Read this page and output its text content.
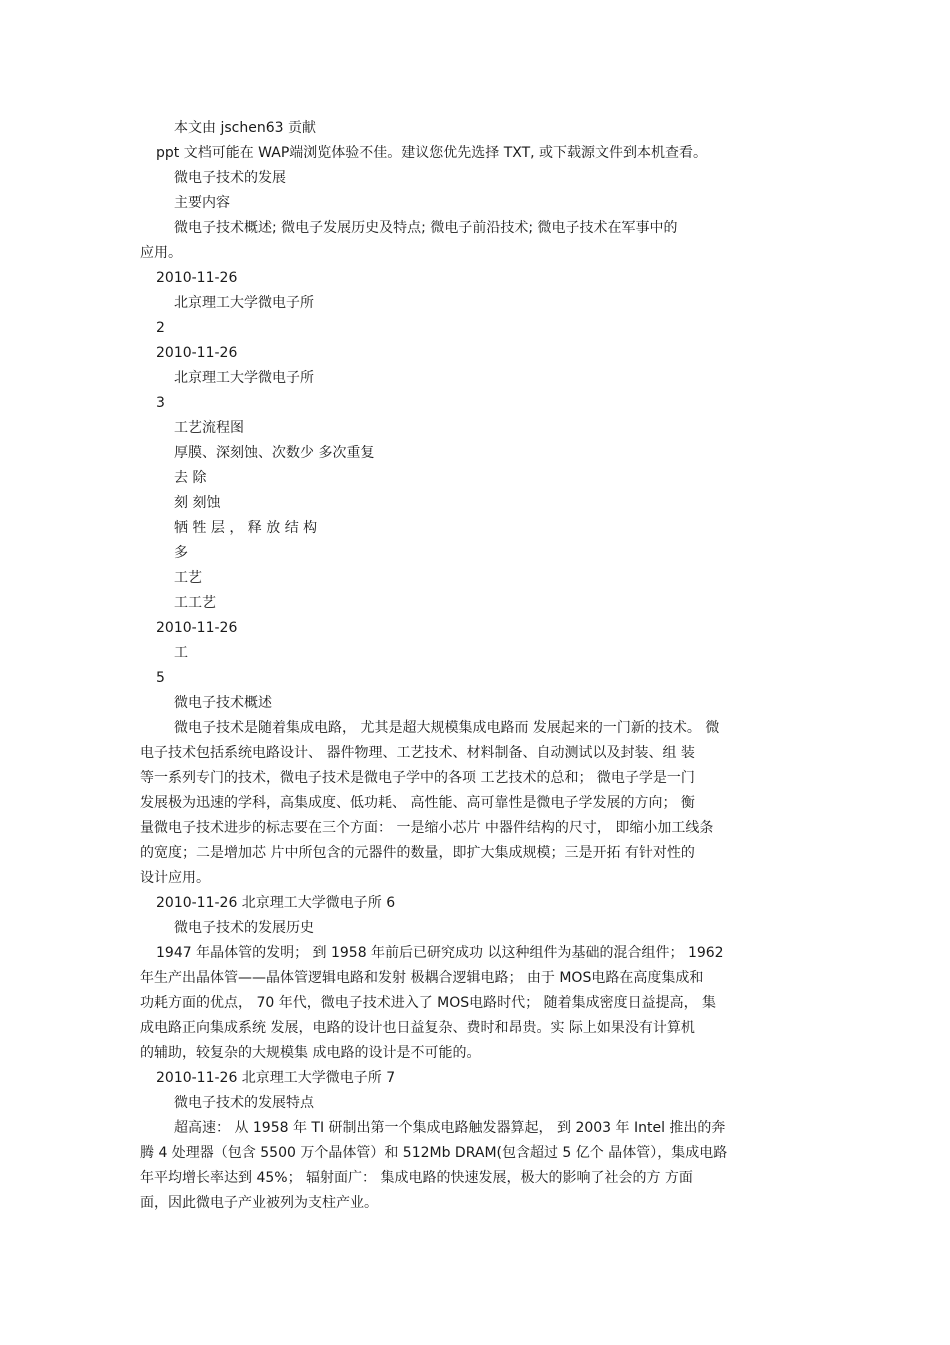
本文由 jschen63 贡献
ppt 文档可能在 WAP端浏览体验不佳。建议您优先选择 TXT, 或下载源文件到本机查看。
微电子技术的发展
主要内容
微电子技术概述; 微电子发展历史及特点; 微电子前沿技术; 微电子技术在军事中的
应用。
2010-11-26
北京理工大学微电子所
2
2010-11-26
北京理工大学微电子所
3
工艺流程图
厚膜、深刻蚀、次数少 多次重复
去 除
刻 刻蚀
牺 牲 层 ， 释 放 结 构
多
工艺
工工艺
2010-11-26
工
5
微电子技术概述
微电子技术是随着集成电路， 尤其是超大规模集成电路而 发展起来的一门新的技术。 微
电子技术包括系统电路设计、 器件物理、工艺技术、材料制备、自动测试以及封装、组 装
等一系列专门的技术，微电子技术是微电子学中的各项 工艺技术的总和； 微电子学是一门
发展极为迅速的学科，高集成度、低功耗、 高性能、高可靠性是微电子学发展的方向； 衡
量微电子技术进步的标志要在三个方面： 一是缩小芯片 中器件结构的尺寸， 即缩小加工线条
的宽度；二是增加芯 片中所包含的元器件的数量，即扩大集成规模；三是开拓 有针对性的
设计应用。
2010-11-26 北京理工大学微电子所 6
微电子技术的发展历史
1947 年晶体管的发明； 到 1958 年前后已研究成功 以这种组件为基础的混合组件； 1962
年生产出晶体管——晶体管逻辑电路和发射 极耦合逻辑电路； 由于 MOS电路在高度集成和
功耗方面的优点， 70 年代，微电子技术进入了 MOS电路时代； 随着集成密度日益提高， 集
成电路正向集成系统 发展，电路的设计也日益复杂、费时和昂贵。实 际上如果没有计算机
的辅助，较复杂的大规模集 成电路的设计是不可能的。
2010-11-26 北京理工大学微电子所 7
微电子技术的发展特点
超高速： 从 1958 年 TI 研制出第一个集成电路触发器算起， 到 2003 年 Intel 推出的奔
腾 4 处理器（包含 5500 万个晶体管）和 512Mb DRAM(包含超过 5 亿个 晶体管），集成电路
年平均增长率达到 45%； 辐射面广： 集成电路的快速发展，极大的影响了社会的方 方面
面，因此微电子产业被列为支柱产业。
